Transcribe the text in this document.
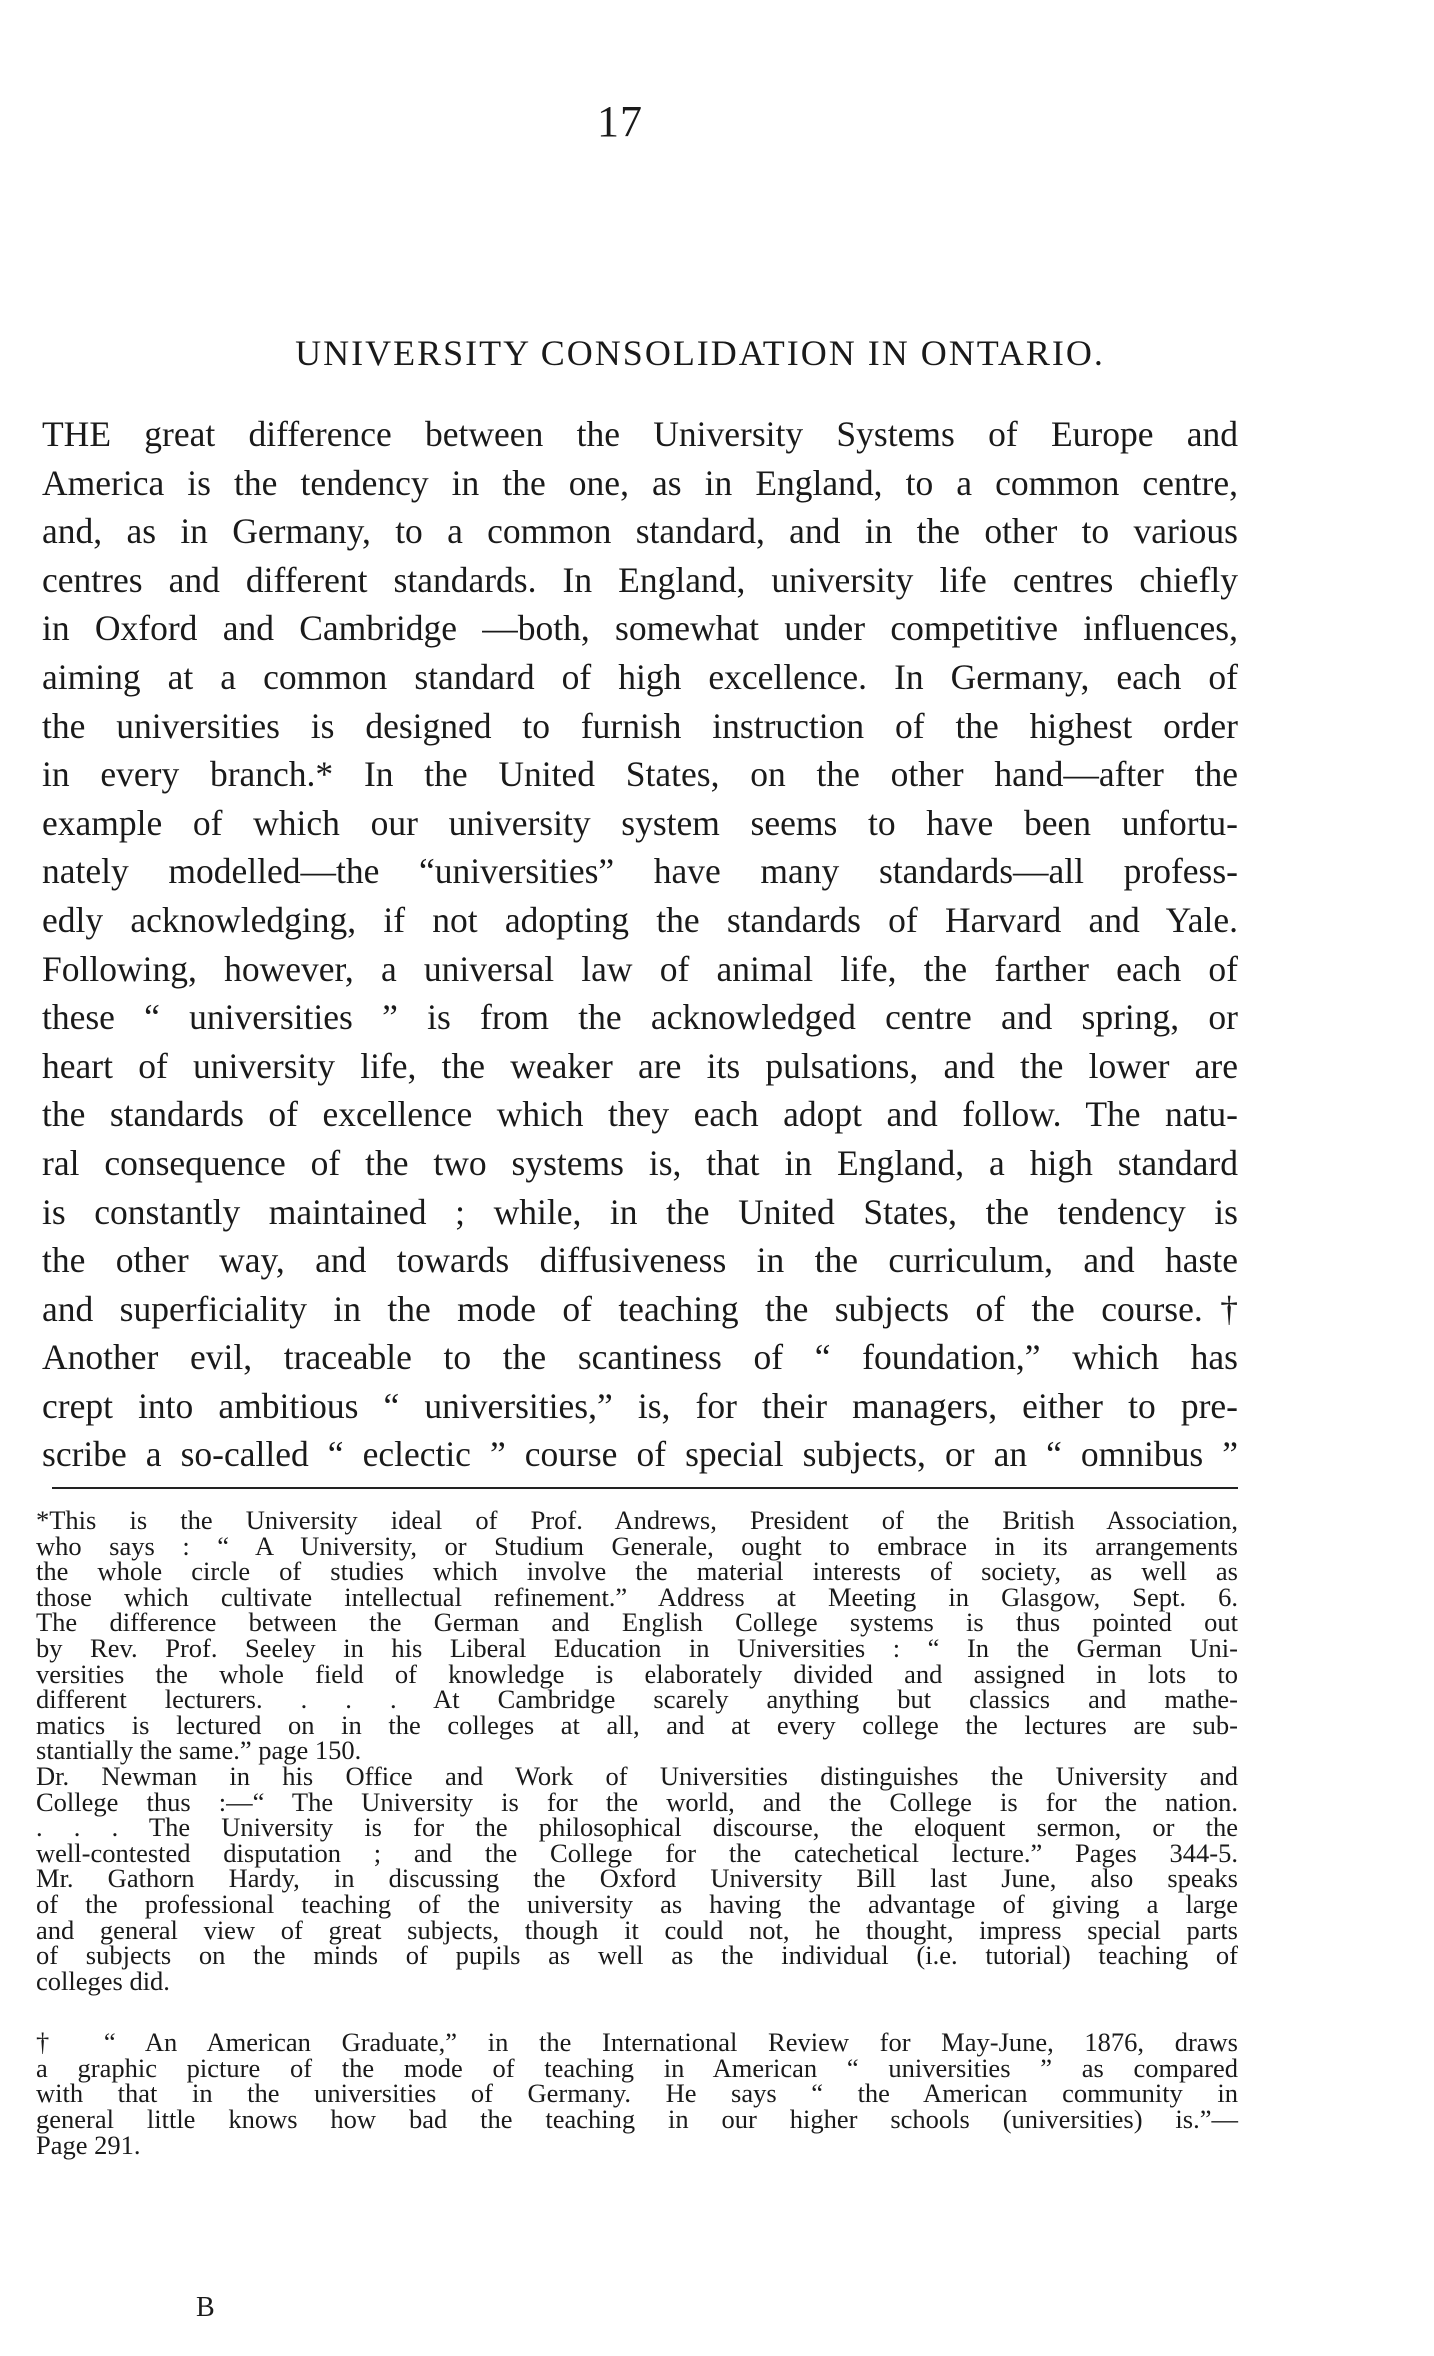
17
UNIVERSITY CONSOLIDATION IN ONTARIO.
THE great difference between the University Systems of Europe and
America is the tendency in the one, as in England, to a common centre,
and, as in Germany, to a common standard, and in the other to various
centres and different standards. In England, university life centres chiefly
in Oxford and Cambridge —both, somewhat under competitive influences,
aiming at a common standard of high excellence. In Germany, each of
the universities is designed to furnish instruction of the highest order
in every branch.* In the United States, on the other hand—after the
example of which our university system seems to have been unfortu-
nately modelled—the “universities” have many standards—all profess-
edly acknowledging, if not adopting the standards of Harvard and Yale.
Following, however, a universal law of animal life, the farther each of
these “ universities ” is from the acknowledged centre and spring, or
heart of university life, the weaker are its pulsations, and the lower are
the standards of excellence which they each adopt and follow. The natu-
ral consequence of the two systems is, that in England, a high standard
is constantly maintained ; while, in the United States, the tendency is
the other way, and towards diffusiveness in the curriculum, and haste
and superficiality in the mode of teaching the subjects of the course.†
Another evil, traceable to the scantiness of “ foundation,” which has
crept into ambitious “ universities,” is, for their managers, either to pre-
scribe a so-called “ eclectic ” course of special subjects, or an “ omnibus ”
*This is the University ideal of Prof. Andrews, President of the British Association,
who says : “ A University, or Studium Generale, ought to embrace in its arrangements
the whole circle of studies which involve the material interests of society, as well as
those which cultivate intellectual refinement.” Address at Meeting in Glasgow, Sept. 6.
The difference between the German and English College systems is thus pointed out
by Rev. Prof. Seeley in his Liberal Education in Universities : “ In the German Uni-
versities the whole field of knowledge is elaborately divided and assigned in lots to
different lecturers. . . . At Cambridge scarely anything but classics and mathe-
matics is lectured on in the colleges at all, and at every college the lectures are sub-
stantially the same.” page 150.
Dr. Newman in his Office and Work of Universities distinguishes the University and
College thus :—“ The University is for the world, and the College is for the nation.
. . . The University is for the philosophical discourse, the eloquent sermon, or the
well-contested disputation ; and the College for the catechetical lecture.” Pages 344-5.
Mr. Gathorn Hardy, in discussing the Oxford University Bill last June, also speaks
of the professional teaching of the university as having the advantage of giving a large
and general view of great subjects, though it could not, he thought, impress special parts
of subjects on the minds of pupils as well as the individual (i.e. tutorial) teaching of
colleges did.
† “ An American Graduate,” in the International Review for May-June, 1876, draws
a graphic picture of the mode of teaching in American “ universities ” as compared
with that in the universities of Germany. He says “ the American community in
general little knows how bad the teaching in our higher schools (universities) is.”—
Page 291.
B
